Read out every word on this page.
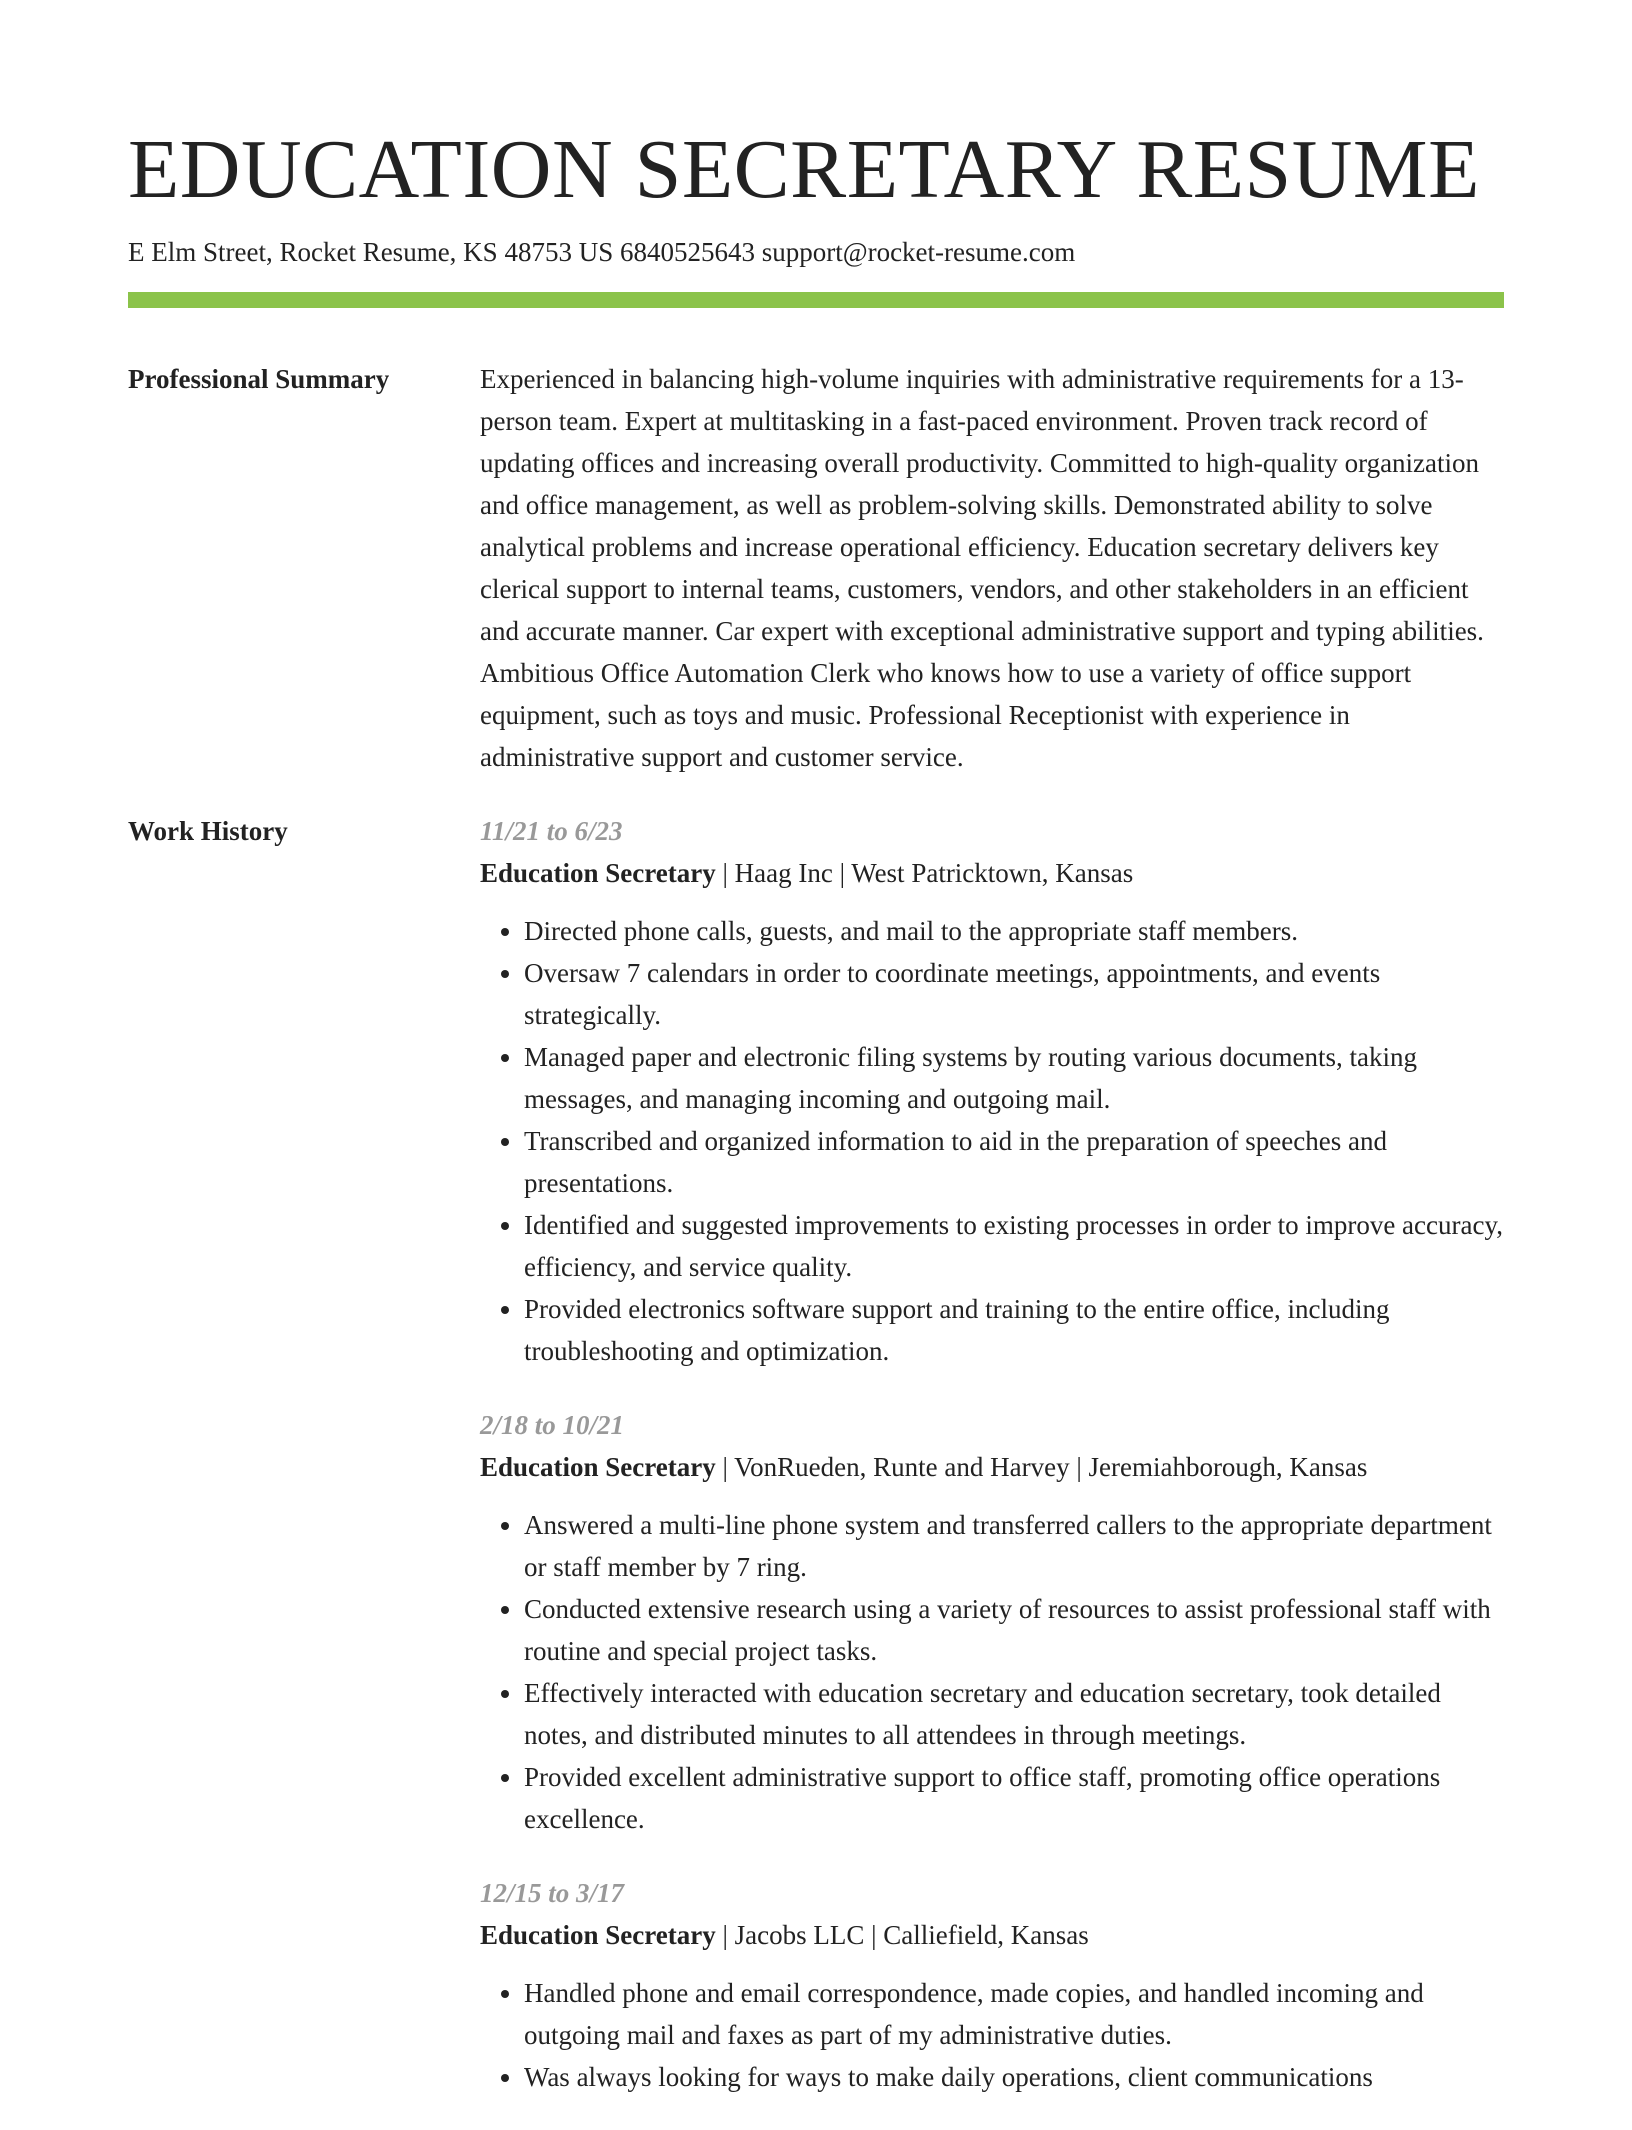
EDUCATION SECRETARY RESUME
E Elm Street, Rocket Resume, KS 48753 US 6840525643 support@rocket-resume.com
Professional Summary	Experienced in balancing high-volume inquiries with administrative requirements for a 13-person team. Expert at multitasking in a fast-paced environment. Proven track record of updating offices and increasing overall productivity. Committed to high-quality organization and office management, as well as problem-solving skills. Demonstrated ability to solve analytical problems and increase operational efficiency. Education secretary delivers key clerical support to internal teams, customers, vendors, and other stakeholders in an efficient and accurate manner. Car expert with exceptional administrative support and typing abilities. Ambitious Office Automation Clerk who knows how to use a variety of office support equipment, such as toys and music. Professional Receptionist with experience in administrative support and customer service.
Work History	11/21 to 6/23
Education Secretary | Haag Inc | West Patricktown, Kansas
• Directed phone calls, guests, and mail to the appropriate staff members.
• Oversaw 7 calendars in order to coordinate meetings, appointments, and events strategically.
• Managed paper and electronic filing systems by routing various documents, taking messages, and managing incoming and outgoing mail.
• Transcribed and organized information to aid in the preparation of speeches and presentations.
• Identified and suggested improvements to existing processes in order to improve accuracy, efficiency, and service quality.
• Provided electronics software support and training to the entire office, including troubleshooting and optimization.
2/18 to 10/21
Education Secretary | VonRueden, Runte and Harvey | Jeremiahborough, Kansas
• Answered a multi-line phone system and transferred callers to the appropriate department or staff member by 7 ring.
• Conducted extensive research using a variety of resources to assist professional staff with routine and special project tasks.
• Effectively interacted with education secretary and education secretary, took detailed notes, and distributed minutes to all attendees in through meetings.
• Provided excellent administrative support to office staff, promoting office operations excellence.
12/15 to 3/17
Education Secretary | Jacobs LLC | Calliefield, Kansas
• Handled phone and email correspondence, made copies, and handled incoming and outgoing mail and faxes as part of my administrative duties.
• Was always looking for ways to make daily operations, client communications
